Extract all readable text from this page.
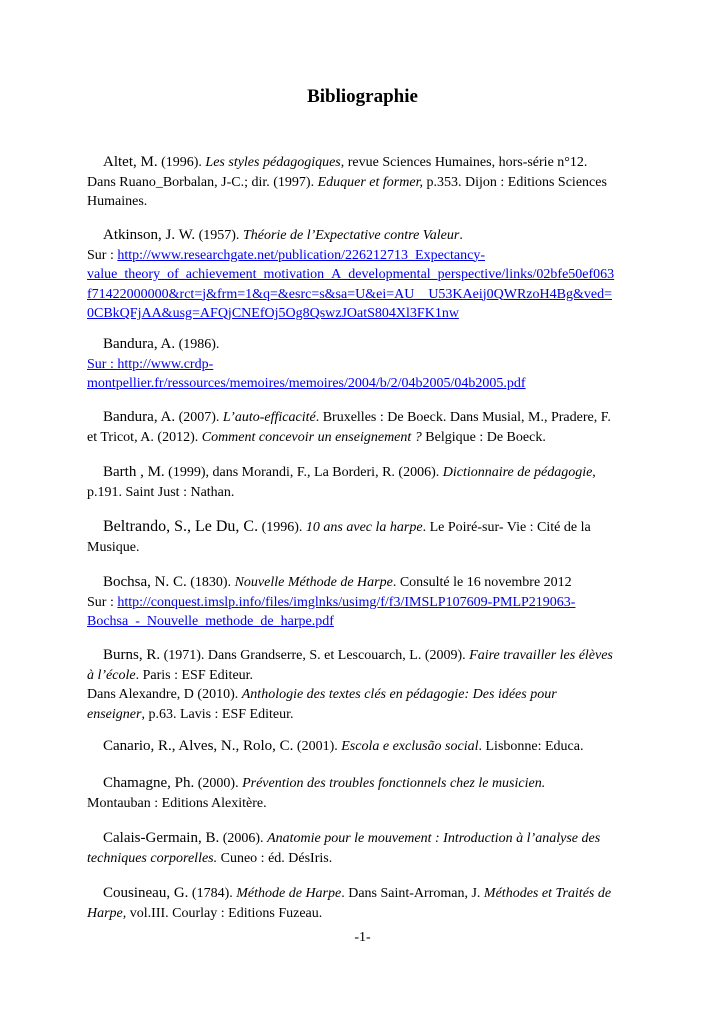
Bibliographie
Altet, M. (1996). Les styles pédagogiques, revue Sciences Humaines, hors-série n°12.
Dans Ruano_Borbalan, J-C.; dir. (1997). Eduquer et former, p.353. Dijon : Editions Sciences
Humaines.
Atkinson, J. W. (1957). Théorie de l’Expectative contre Valeur.
Sur : http://www.researchgate.net/publication/226212713_Expectancy-
value_theory_of_achievement_motivation_A_developmental_perspective/links/02bfe50ef063
f71422000000&rct=j&frm=1&q=&esrc=s&sa=U&ei=AU__U53KAeij0QWRzoH4Bg&ved=
0CBkQFjAA&usg=AFQjCNEfOj5Og8QswzJOatS804Xl3FK1nw
Bandura, A. (1986).
Sur : http://www.crdp-
montpellier.fr/ressources/memoires/memoires/2004/b/2/04b2005/04b2005.pdf
Bandura, A. (2007). L’auto-efficacité. Bruxelles : De Boeck. Dans Musial, M., Pradere, F.
et Tricot, A. (2012). Comment concevoir un enseignement ? Belgique : De Boeck.
Barth , M. (1999), dans Morandi, F., La Borderi, R. (2006). Dictionnaire de pédagogie,
p.191. Saint Just : Nathan.
Beltrando, S., Le Du, C. (1996). 10 ans avec la harpe. Le Poiré-sur- Vie : Cité de la
Musique.
Bochsa, N. C. (1830). Nouvelle Méthode de Harpe. Consulté le 16 novembre 2012
Sur : http://conquest.imslp.info/files/imglnks/usimg/f/f3/IMSLP107609-PMLP219063-
Bochsa_-_Nouvelle_methode_de_harpe.pdf
Burns, R. (1971). Dans Grandserre, S. et Lescouarch, L. (2009). Faire travailler les élèves
à l’école. Paris : ESF Editeur.
Dans Alexandre, D (2010). Anthologie des textes clés en pédagogie: Des idées pour
enseigner, p.63. Lavis : ESF Editeur.
Canario, R., Alves, N., Rolo, C. (2001). Escola e exclusão social. Lisbonne: Educa.
Chamagne, Ph. (2000). Prévention des troubles fonctionnels chez le musicien.
Montauban : Editions Alexitère.
Calais-Germain, B. (2006). Anatomie pour le mouvement : Introduction à l’analyse des
techniques corporelles. Cuneo : éd. DésIris.
Cousineau, G. (1784). Méthode de Harpe. Dans Saint-Arroman, J. Méthodes et Traités de
Harpe, vol.III. Courlay : Editions Fuzeau.
-1-
